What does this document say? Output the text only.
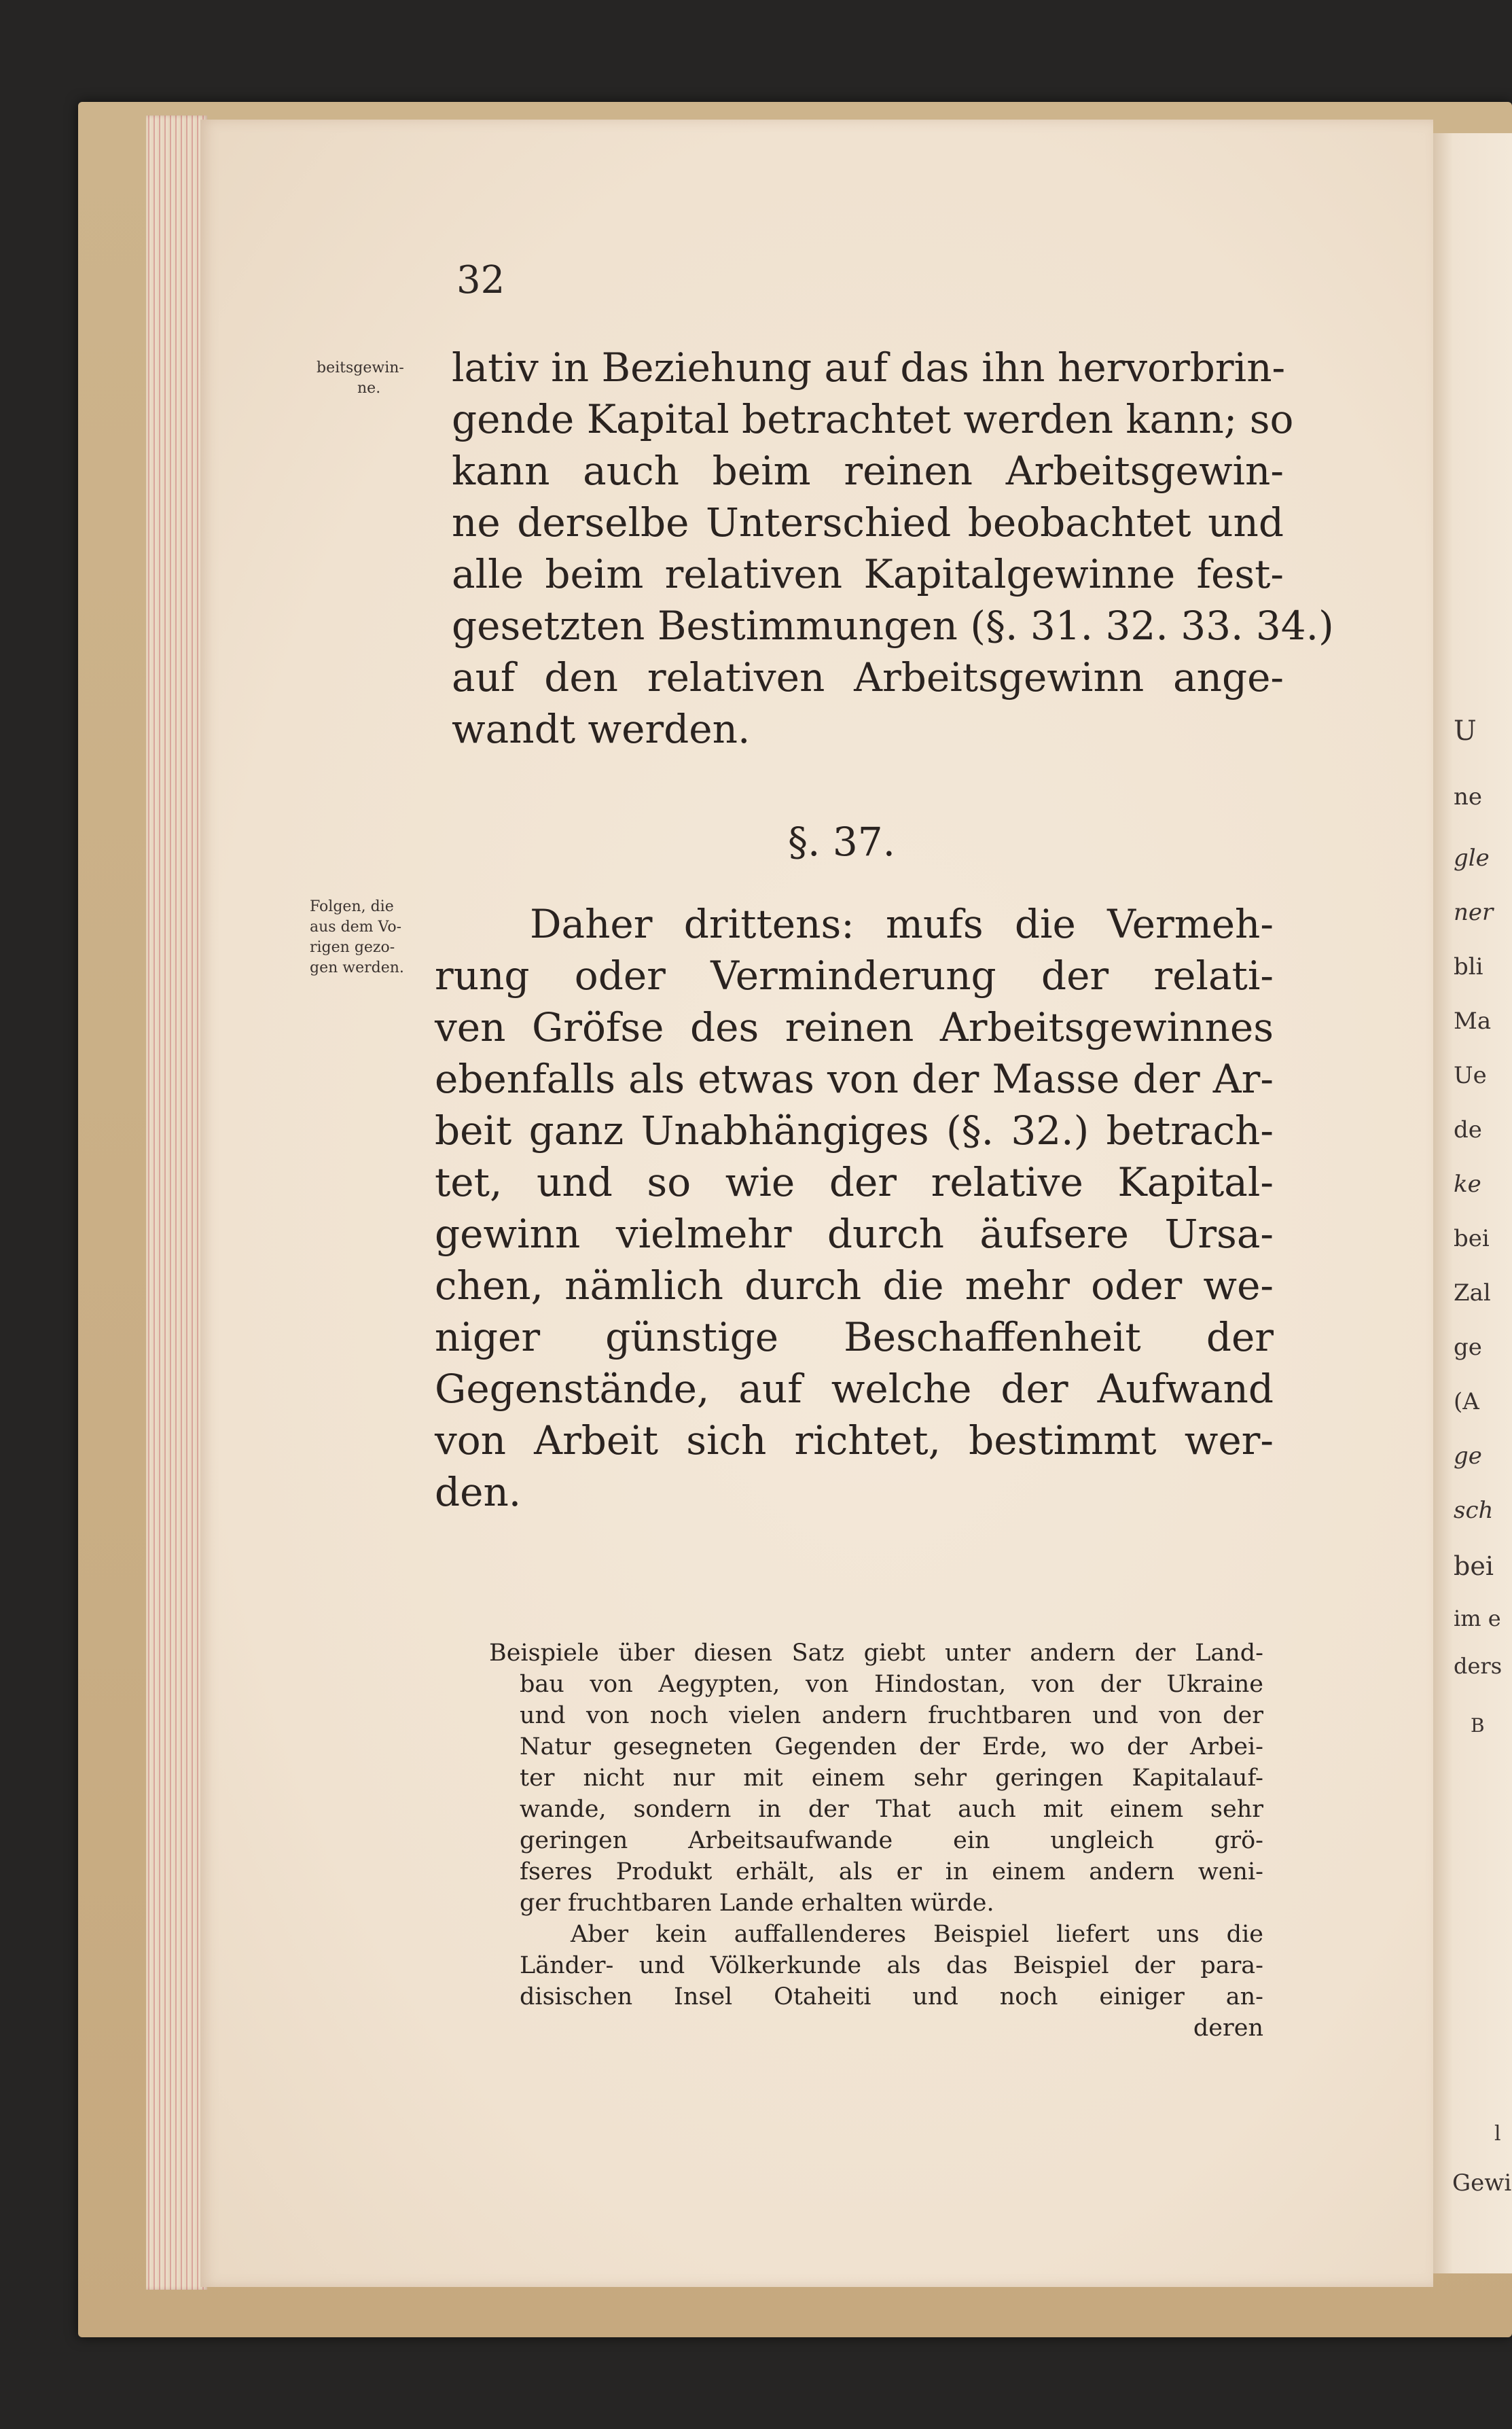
U
ne
gle
ner
bli
Ma
Ue
de
ke
bei
Zal
ge
(A
ge
sch
bei
im e
ders
B
l
Gewi
32
beitsgewin-
ne.
Folgen, die
aus dem Vo-
rigen gezo-
gen werden.
lativ in Beziehung auf das ihn hervorbrin-
gende Kapital betrachtet werden kann; so
kann auch beim reinen Arbeitsgewin-
ne derselbe Unterschied beobachtet und
alle beim relativen Kapitalgewinne fest-
gesetzten Bestimmungen (§. 31. 32. 33. 34.)
auf den relativen Arbeitsgewinn ange-
wandt werden.
§. 37.
Daher drittens: mufs die Vermeh-
rung oder Verminderung der relati-
ven Gröfse des reinen Arbeitsgewinnes
ebenfalls als etwas von der Masse der Ar-
beit ganz Unabhängiges (§. 32.) betrach-
tet, und so wie der relative Kapital-
gewinn vielmehr durch äufsere Ursa-
chen, nämlich durch die mehr oder we-
niger günstige Beschaffenheit der
Gegenstände, auf welche der Aufwand
von Arbeit sich richtet, bestimmt wer-
den.
Beispiele über diesen Satz giebt unter andern der Land-
bau von Aegypten, von Hindostan, von der Ukraine
und von noch vielen andern fruchtbaren und von der
Natur gesegneten Gegenden der Erde, wo der Arbei-
ter nicht nur mit einem sehr geringen Kapitalauf-
wande, sondern in der That auch mit einem sehr
geringen Arbeitsaufwande ein ungleich grö-
fseres Produkt erhält, als er in einem andern weni-
ger fruchtbaren Lande erhalten würde.
Aber kein auffallenderes Beispiel liefert uns die
Länder- und Völkerkunde als das Beispiel der para-
disischen Insel Otaheiti und noch einiger an-
deren
